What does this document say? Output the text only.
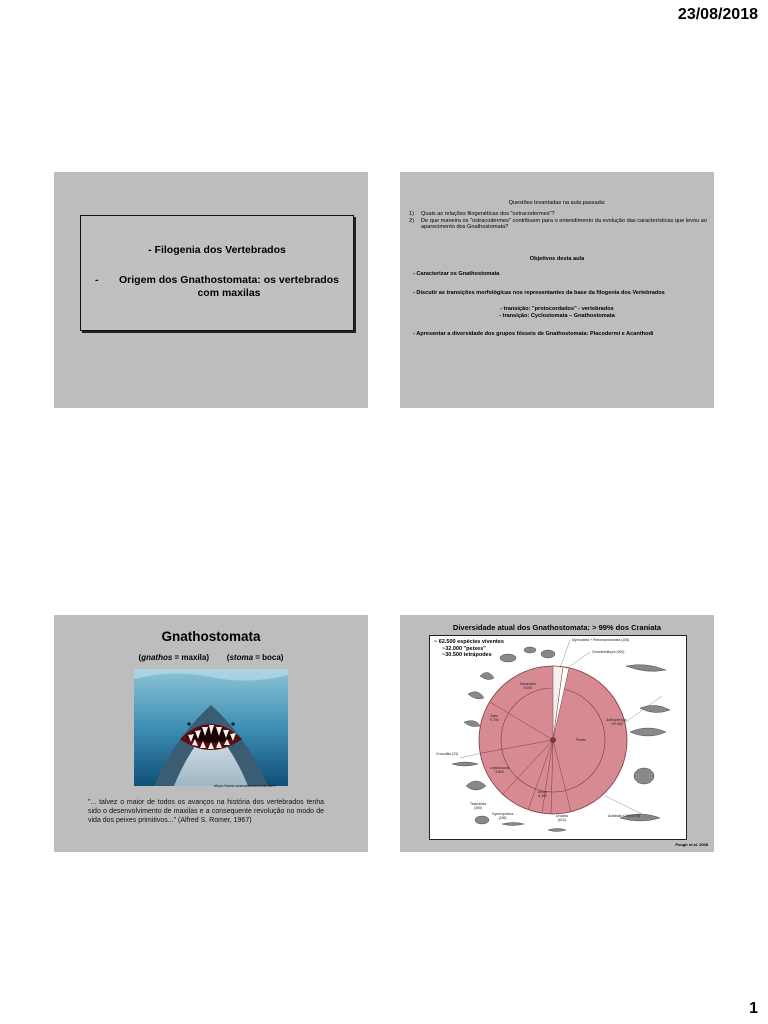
23/08/2018
- Filogenia dos Vertebrados
-	Origem dos Gnathostomata: os vertebrados com maxilas
Questões levantadas na aula passada:
1)	Quais as relações filogenéticas dos "ostracodermes"?
2)	De que maneira os "ostracodermes" contribuem para o entendimento da evolução das características que levou ao aparecimento dos Gnathostomata?
Objetivos desta aula
- Caracterizar os Gnathostomata
- Discutir as transições morfológicas nos representantes da base da filogenia dos Vertebrados
- transição: "protocordados" - vertebrados
- transição: Cyclostomata – Gnathostomata
- Apresentar a diversidade dos grupos fósseis de Gnathostomata: Placodermi e Acanthodi
Gnathostomata
(gnathos = maxila)        (stoma = boca)
https://www.acaraiasmecorva.com
"... talvez o maior de todos os avanços na história dos vertebrados tenha sido o desenvolvimento de maxilas e a consequente revolução no modo de vida dos peixes primitivos..." (Alfred S. Romer, 1967)
Diversidade atual dos Gnathostomata: > 99% dos Craniata
~ 62.500 espécies viventes
~32.000 "peixes"
~30.500 tetrápodes
Mammalia
5.000
Aves
9.700
Lepidosauria
8.800
Anura
6.300
Pisces
Actinopterygii
~30.000
Crocodilia (23)
Testudines
(300)
Gymnophiona
(185)	Urodela
(610)
Actinistia + Dipnoi (8)
Chondrichthyes (900)
Myxinoidea + Petromyzontoidea (108)
Pough et al. 2008
1
